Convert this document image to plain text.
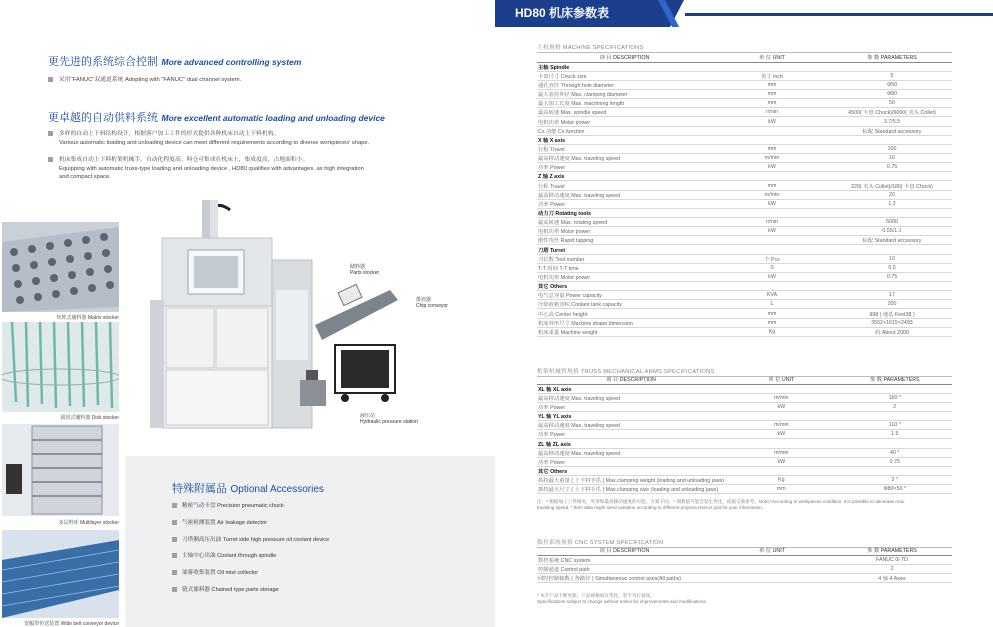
HD80 机床参数表
更先进的系统综合控制 More advanced controlling system
采用"FANUC"双通道系统 Adopting with "FANUC" dual channel system.
更卓越的自动供料系统 More excellent automatic loading and unloading device
多样的自动上下料结构设计，根据客户加工工件的形式提供各种机床自动上下料机构。
Various automatic loading and unloading device can meet different requirements according to diverse workpieces' shape.
机床集成自动上下料桁架机械手，自动化程度高；料仓可集成在机床上，集成度高，占地面积小。
Equipping with automatic truss-type loading and unloading device , HD80 qualifies with advantages, as high integration
and compact space.
矩阵式储料器 Matrix stocker
圆盘式储料器 Disk stocker
多层料库 Multilayer stocker
宽幅带传送装置 Wide belt conveyor device
储料器
Parts stocker
排屑器
Chip conveyor
液压站
Hydraulic pressure station
特殊附属品 Optional Accessories
精密气动卡盘 Precision pneumatic chuck
气密检测装置 Air leakage detector
刀塔侧高压出油 Turret side high pressure oil coolant device
主轴中心出油 Coolant through spindle
油雾收集装置 Oil mist collector
链式储料器 Chained type parts storage
主机规格 MACHINE SPECIFICATIONS
项 目 DESCRIPTION	单 位 UNIT	参 数 PARAMETERS
主轴 Spindle		
卡盘尺寸 Chuck size	英寸 inch	5
通孔直径 Through hole diameter	mm	Φ50
最大装持外径 Max. clamping diameter	mm	Φ80
最大加工长度 Max. machining length	mm	50
最高转速 Max. spindle speed	r/min	4500( 卡盘 Chuck)/6000( 夹头 Collet)
电机功率 Motor power	kW	3.7/5.5
Cs 功能 Cs function		标配 Standard accessory
X 轴 X axis		
行程 Travel	mm	100
最高移动速度 Max. traveling speed	m/min	16
功率 Power	kW	0.75
Z 轴 Z axis		
行程 Travel	mm	220( 夹头 Collet)/180( 卡盘 Chuck)
最高移动速度 Max. traveling speed	m/min	20
功率 Power	kW	1.2
动力刀 Rotating tools		
最高转速 Max. rotating speed	r/min	5000
电机功率 Motor power	kW	0.55/1.1
刚性攻丝 Rapid tapping		标配 Standard accessory
刀塔 Turret		
刀位数 Tool number	个 Pcs	10
T-T 时间 T-T time	S	0.5
电机功率 Motor power	kW	0.75
其它 Others		
电气总容量 Power capacity	KVA	17
冷却液箱容积 Coolant tank capacity	L	200
中心高 Center height	mm	998 ( 地基 Feet38 )
机床外形尺寸 Machine shape dimension	mm	3552×1615×2493
机床重量 Machine weight	Kg	约 About 2000
桁架机械臂规格 TRUSS MECHANICAL ARMS SPECIFICATIONS
项 目 DESCRIPTION	单 位 UNIT	参 数 PARAMETERS
XL 轴 XL axis		
最高移动速度 Max. traveling speed	m/min	160 *
功率 Power	kW	2
YL 轴 YL axis		
最高移动速度 Max. traveling speed	m/min	110 *
功率 Power	kW	1.5
ZL 轴 ZL axis		
最高移动速度 Max. traveling speed	m/min	40 *
功率 Power	kW	0.75
其它 Others		
抓持最大重量 ( 上下料手爪 ) Max.clamping weight (loading and unloading jaws)	Kg	2 *
抓持最大尺寸 ( 上下料手爪 ) Max.clamping size (loading and unloading jaws)	mm	Φ80×50 *
注：* 根据加工工件情况，外形和最高移动速度的可能，方案不同，* 项数值可能会发生变化，依据交收参考。Note:*According to workpieces condition, it is possible to decrease max.
traveling speed. * Item data might send variation according to different projects.Here is just for your information。
数控系统规格 CNC SYSTEM SPECIFICATION
项 目 DESCRIPTION	单 位 UNIT	参 数 PARAMETERS
数控系统 CNC system		FANUC 0i TD
控制通道 Control path		2
同时控制轴数 ( 各路径 ) Simultaneous control axes(All paths)		4 轴 4 Axes
* 本手产品不断更新，产品规格如有变化，恕不另行通知。
Specifications subject to change without notice for improvements and modifications.
